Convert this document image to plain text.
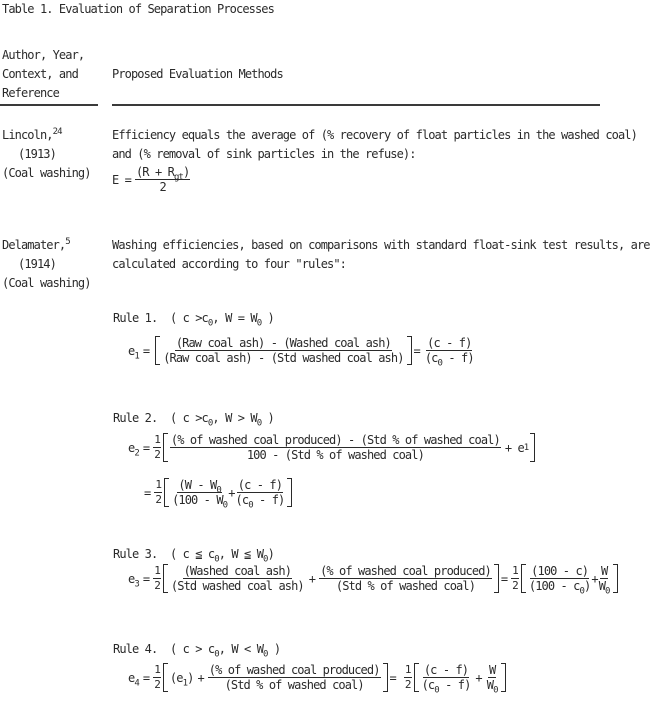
Table 1. Evaluation of Separation Processes
Author, Year,
Context, and
Reference
Proposed Evaluation Methods
Lincoln,$^{24}$
(1913)
(Coal washing)
Efficiency equals the average of (% recovery of float particles in the washed coal)
and (% removal of sink particles in the refuse):
$E = \frac{(R + R_{gt})}{2}$
Delamater,$^5$
(1914)
(Coal washing)
Washing efficiencies, based on comparisons with standard float-sink test results, are
calculated according to four "rules":
Rule 1. ( $c >c_0$, $W = W_0$ )
$e_1 = \frac{\text{(Raw coal ash) - (Washed coal ash)}}{\text{(Raw coal ash) - (Std washed coal ash)}} = \frac{(c - f)}{(c_0 - f)}$
Rule 2. ( $c >c_0$, $W > W_0$ )
$e_2 = \frac{1}{2} \frac{\text{(\% of washed coal produced) - (Std \% of washed coal)}}{\text{100 - (Std \% of washed coal)}} + e$ 1
= $\frac{1}{2} \frac{(W - W_0}{(100 - W_0} + \frac{(c - f)}{(c_0 - f)}$
Rule 3. ( c ≦ $c_0$, W ≦ $W_0$)
$e_3 = \frac{1}{2} \frac{\text{(Washed coal ash)}}{\text{(Std washed coal ash)}} + \frac{\text{(\% of washed coal produced)}}{\text{(Std \% of washed coal)}} = \frac{1}{2} \frac{(100 - c)}{(100 - c_0)} + \frac{W}{W_0}$
Rule 4. ( $c > c_0$, $W < W_0$ )
$e_4 = \frac{1}{2} (e_1) + \frac{\text{(\% of washed coal produced)}}{\text{(Std \% of washed coal)}} = \frac{1}{2} \frac{(c - f)}{(c_0 - f)} + \frac{W}{W_0}$
